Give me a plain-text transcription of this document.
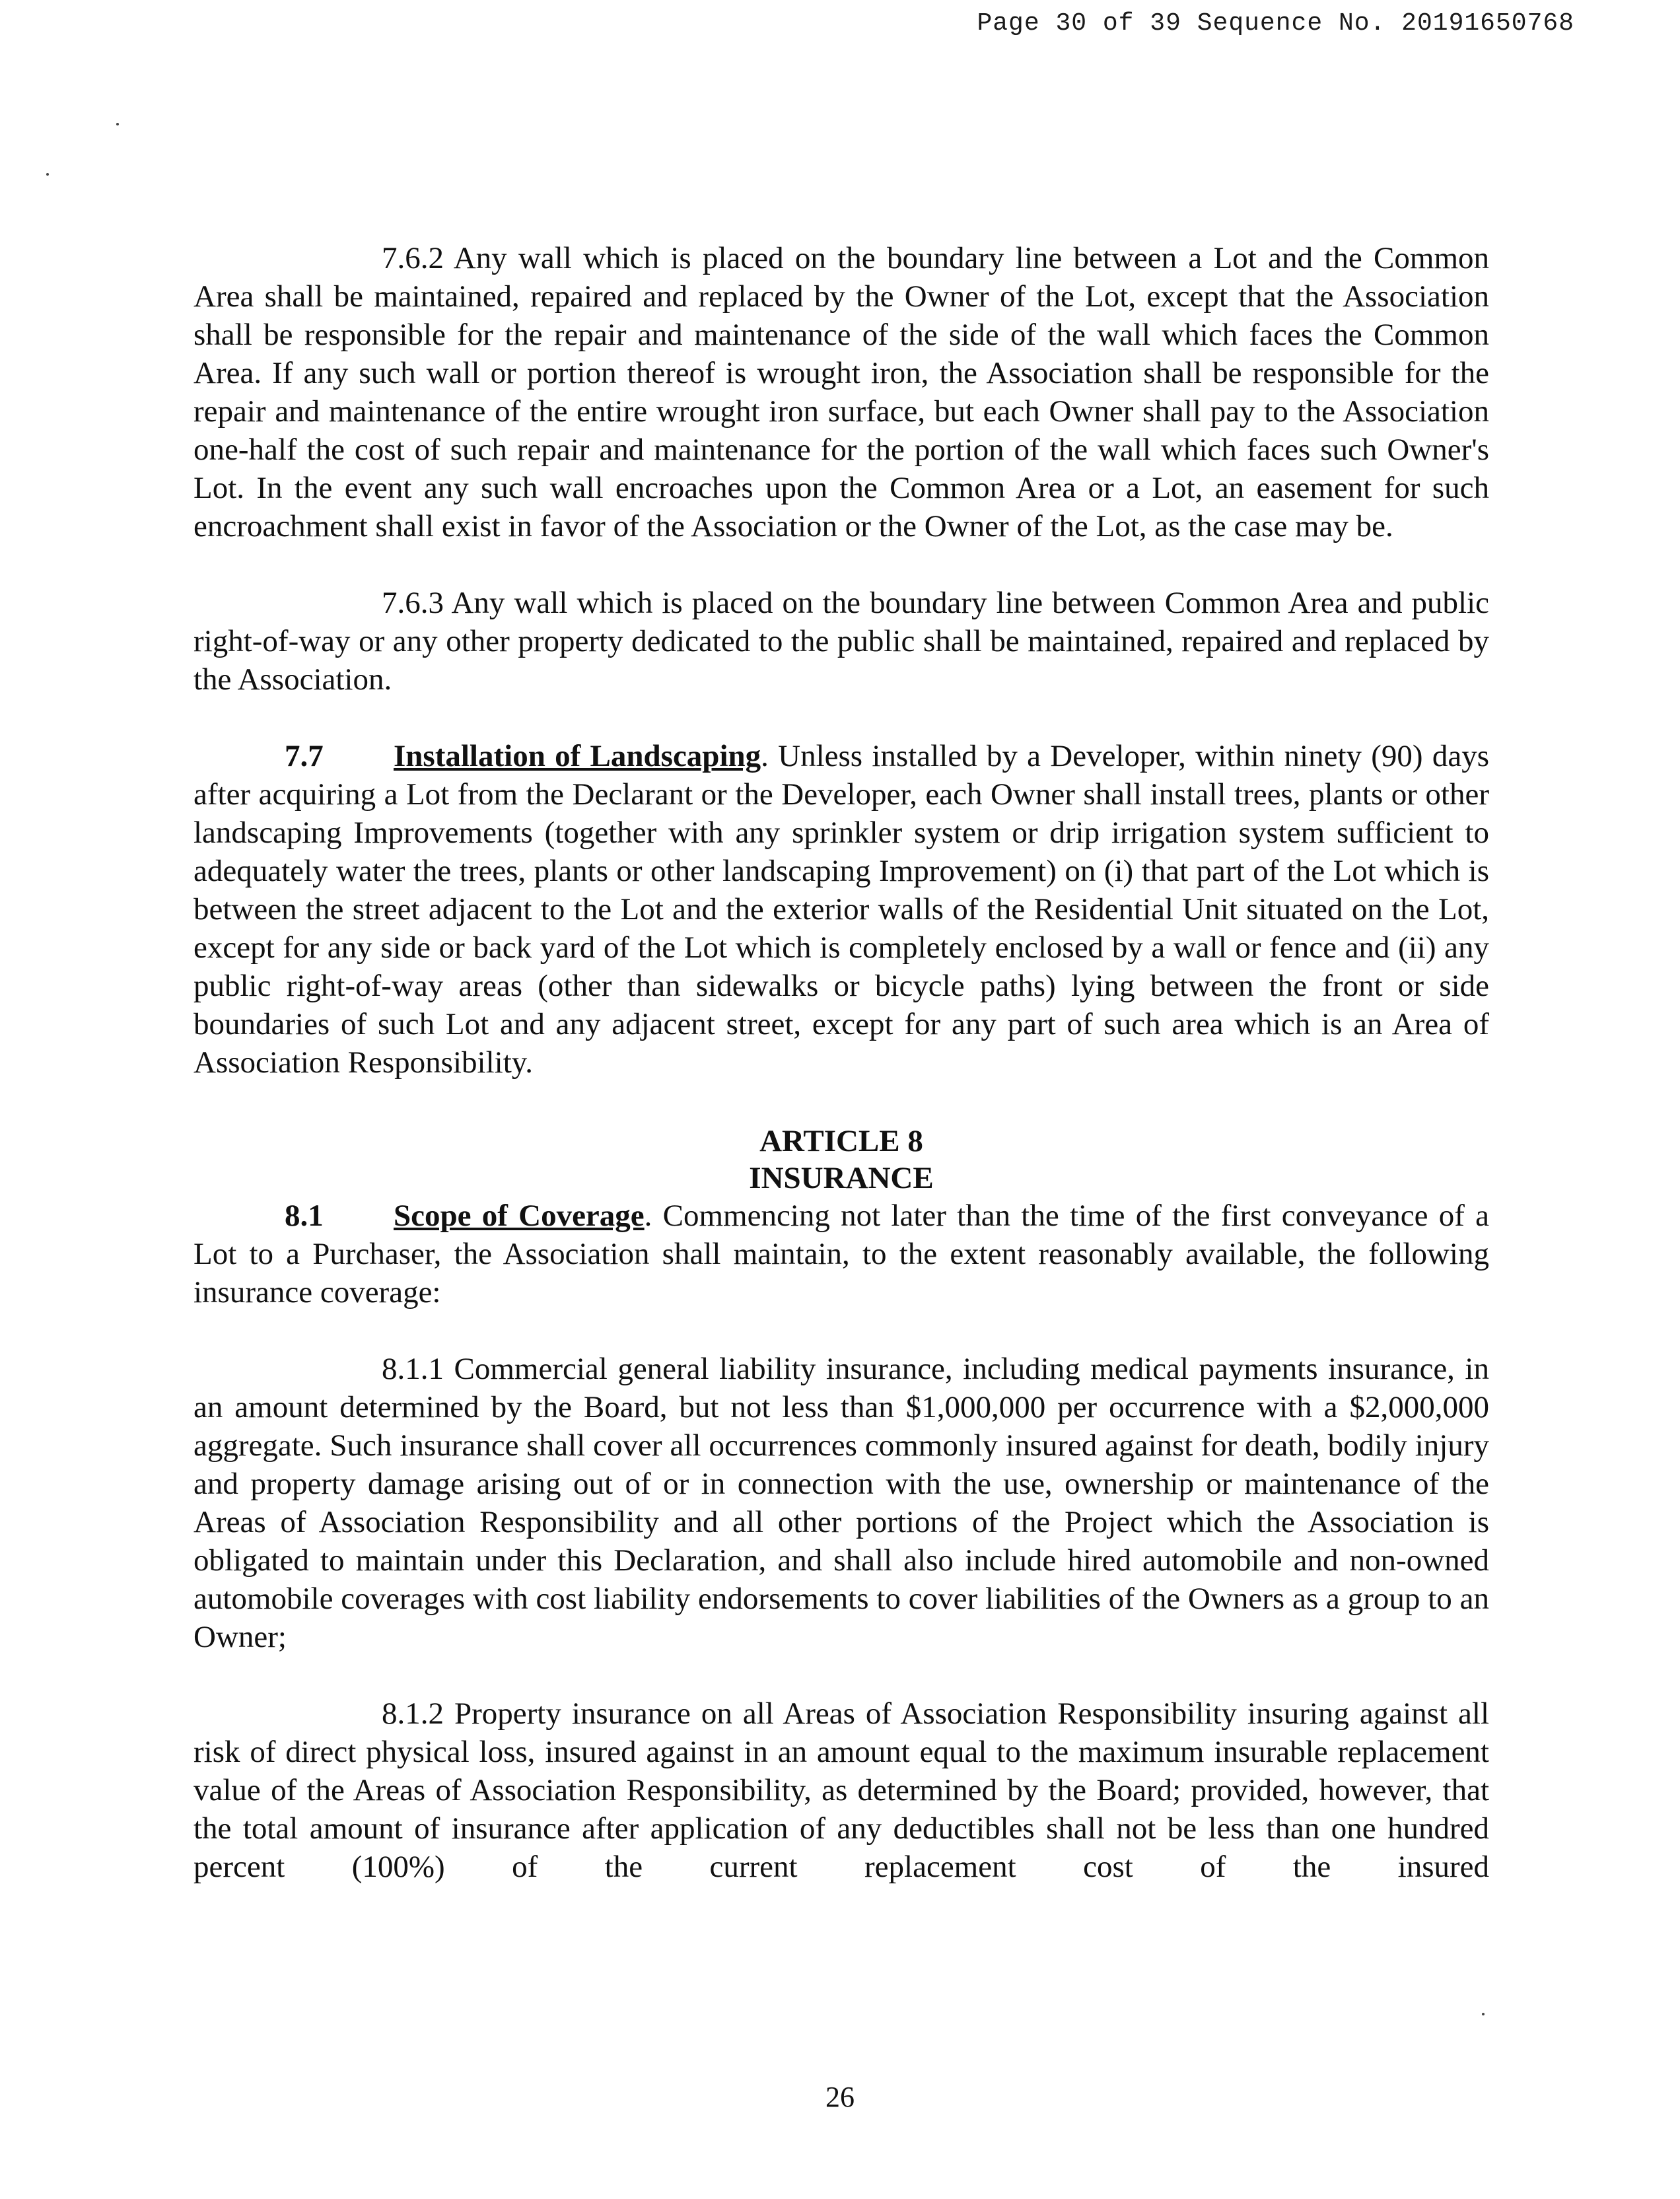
Page 30 of 39 Sequence No. 20191650768

7.6.2 Any wall which is placed on the boundary line between a Lot and the Common Area shall be maintained, repaired and replaced by the Owner of the Lot, except that the Association shall be responsible for the repair and maintenance of the side of the wall which faces the Common Area. If any such wall or portion thereof is wrought iron, the Association shall be responsible for the repair and maintenance of the entire wrought iron surface, but each Owner shall pay to the Association one-half the cost of such repair and maintenance for the portion of the wall which faces such Owner's Lot. In the event any such wall encroaches upon the Common Area or a Lot, an easement for such encroachment shall exist in favor of the Association or the Owner of the Lot, as the case may be.

7.6.3 Any wall which is placed on the boundary line between Common Area and public right-of-way or any other property dedicated to the public shall be maintained, repaired and replaced by the Association.

7.7 Installation of Landscaping. Unless installed by a Developer, within ninety (90) days after acquiring a Lot from the Declarant or the Developer, each Owner shall install trees, plants or other landscaping Improvements (together with any sprinkler system or drip irrigation system sufficient to adequately water the trees, plants or other landscaping Improvement) on (i) that part of the Lot which is between the street adjacent to the Lot and the exterior walls of the Residential Unit situated on the Lot, except for any side or back yard of the Lot which is completely enclosed by a wall or fence and (ii) any public right-of-way areas (other than sidewalks or bicycle paths) lying between the front or side boundaries of such Lot and any adjacent street, except for any part of such area which is an Area of Association Responsibility.

ARTICLE 8
INSURANCE

8.1 Scope of Coverage. Commencing not later than the time of the first conveyance of a Lot to a Purchaser, the Association shall maintain, to the extent reasonably available, the following insurance coverage:

8.1.1 Commercial general liability insurance, including medical payments insurance, in an amount determined by the Board, but not less than $1,000,000 per occurrence with a $2,000,000 aggregate. Such insurance shall cover all occurrences commonly insured against for death, bodily injury and property damage arising out of or in connection with the use, ownership or maintenance of the Areas of Association Responsibility and all other portions of the Project which the Association is obligated to maintain under this Declaration, and shall also include hired automobile and non-owned automobile coverages with cost liability endorsements to cover liabilities of the Owners as a group to an Owner;

8.1.2 Property insurance on all Areas of Association Responsibility insuring against all risk of direct physical loss, insured against in an amount equal to the maximum insurable replacement value of the Areas of Association Responsibility, as determined by the Board; provided, however, that the total amount of insurance after application of any deductibles shall not be less than one hundred percent (100%) of the current replacement cost of the insured

26
